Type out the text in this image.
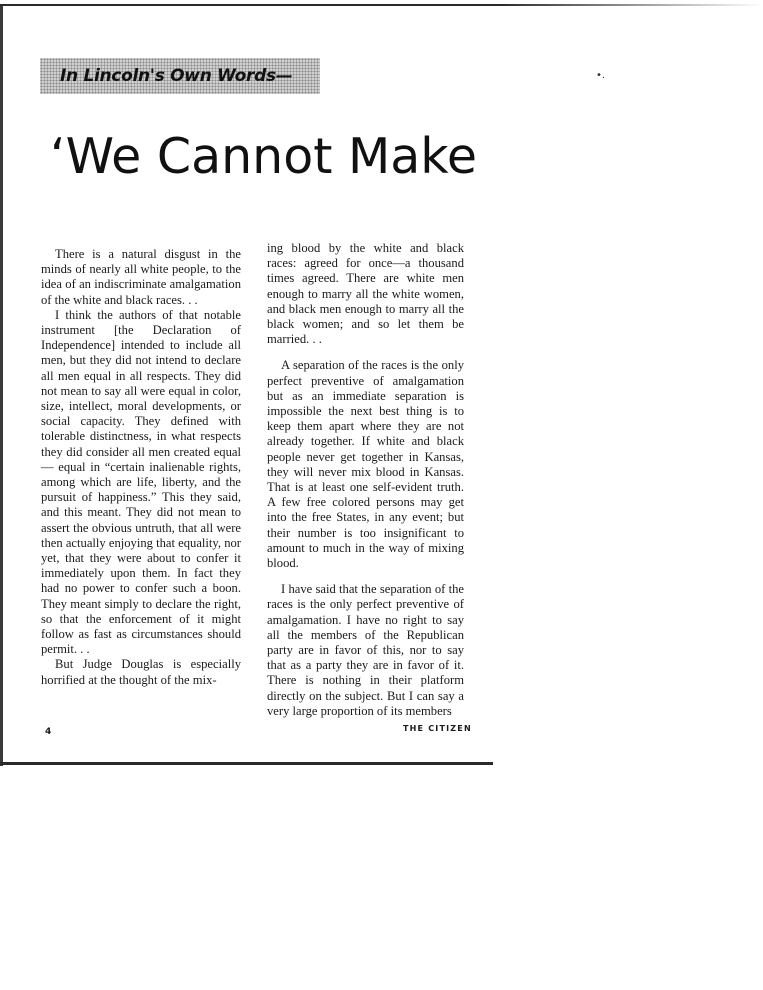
In Lincoln's Own Words—	•.
‘We Cannot Make

There is a natural disgust in the minds of nearly all white people, to the idea of an indiscriminate amalgamation of the white and black races. . .

I think the authors of that notable instrument [the Declaration of Independence] intended to include all men, but they did not intend to declare all men equal in all respects. They did not mean to say all were equal in color, size, intellect, moral developments, or social capacity. They defined with tolerable distinctness, in what respects they did consider all men created equal — equal in “certain inalienable rights, among which are life, liberty, and the pursuit of happiness.” This they said, and this meant. They did not mean to assert the obvious untruth, that all were then actually enjoying that equality, nor yet, that they were about to confer it immediately upon them. In fact they had no power to confer such a boon. They meant simply to declare the right, so that the enforcement of it might follow as fast as circumstances should permit. . .

But Judge Douglas is especially horrified at the thought of the mix-

ing blood by the white and black races: agreed for once—a thousand times agreed. There are white men enough to marry all the white women, and black men enough to marry all the black women; and so let them be married. . .

A separation of the races is the only perfect preventive of amalgamation but as an immediate separation is impossible the next best thing is to keep them apart where they are not already together. If white and black people never get together in Kansas, they will never mix blood in Kansas. That is at least one self-evident truth. A few free colored persons may get into the free States, in any event; but their number is too insignificant to amount to much in the way of mixing blood.

I have said that the separation of the races is the only perfect preventive of amalgamation. I have no right to say all the members of the Republican party are in favor of this, nor to say that as a party they are in favor of it. There is nothing in their platform directly on the subject. But I can say a very large proportion of its members

4	THE CITIZEN
